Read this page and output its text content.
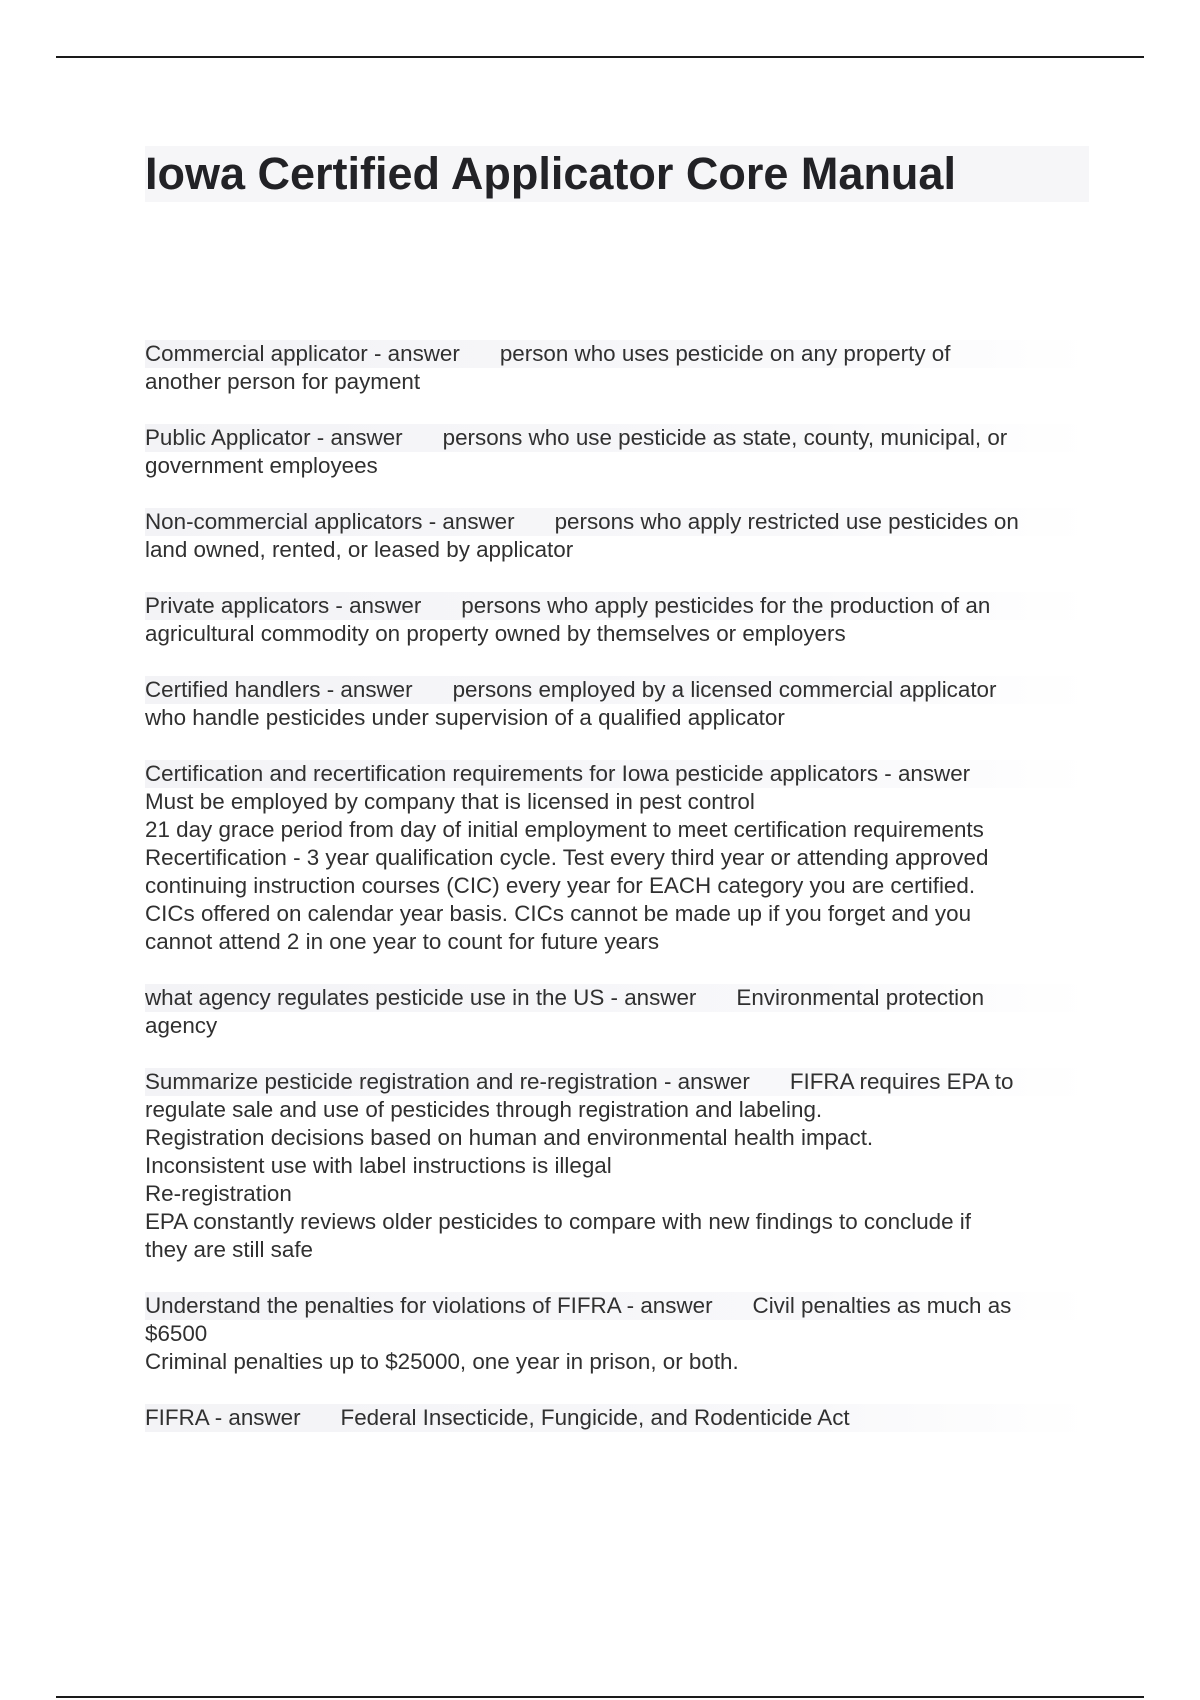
Iowa Certified Applicator Core Manual
Commercial applicator - answer person who uses pesticide on any property of
another person for payment
Public Applicator - answer persons who use pesticide as state, county, municipal, or
government employees
Non-commercial applicators - answer persons who apply restricted use pesticides on
land owned, rented, or leased by applicator
Private applicators - answer persons who apply pesticides for the production of an
agricultural commodity on property owned by themselves or employers
Certified handlers - answer persons employed by a licensed commercial applicator
who handle pesticides under supervision of a qualified applicator
Certification and recertification requirements for Iowa pesticide applicators - answer
Must be employed by company that is licensed in pest control
21 day grace period from day of initial employment to meet certification requirements
Recertification - 3 year qualification cycle. Test every third year or attending approved
continuing instruction courses (CIC) every year for EACH category you are certified.
CICs offered on calendar year basis. CICs cannot be made up if you forget and you
cannot attend 2 in one year to count for future years
what agency regulates pesticide use in the US - answer Environmental protection
agency
Summarize pesticide registration and re-registration - answer FIFRA requires EPA to
regulate sale and use of pesticides through registration and labeling.
Registration decisions based on human and environmental health impact.
Inconsistent use with label instructions is illegal
Re-registration
EPA constantly reviews older pesticides to compare with new findings to conclude if
they are still safe
Understand the penalties for violations of FIFRA - answer Civil penalties as much as
$6500
Criminal penalties up to $25000, one year in prison, or both.
FIFRA - answer Federal Insecticide, Fungicide, and Rodenticide Act
